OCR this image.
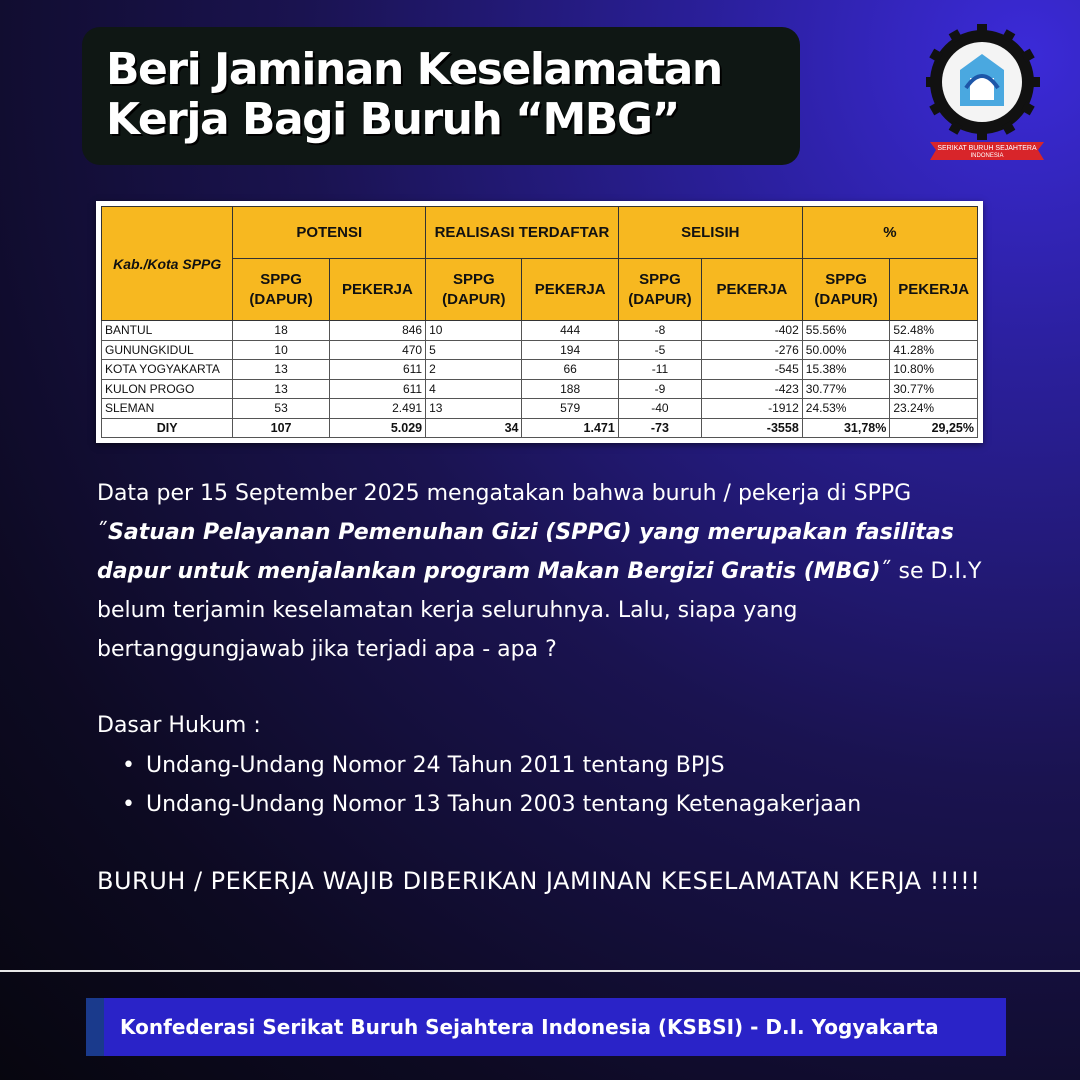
Beri Jaminan Keselamatan
Kerja Bagi Buruh “MBG”
SERIKAT BURUH SEJAHTERA
INDONESIA
Kab./Kota SPPG	POTENSI		REALISASI TERDAFTAR		SELISIH		%	
	SPPG (DAPUR)	PEKERJA	SPPG (DAPUR)	PEKERJA	SPPG (DAPUR)	PEKERJA	SPPG (DAPUR)	PEKERJA
BANTUL	18	846	10	444	-8	-402	55.56%	52.48%
GUNUNGKIDUL	10	470	5	194	-5	-276	50.00%	41.28%
KOTA YOGYAKARTA	13	611	2	66	-11	-545	15.38%	10.80%
KULON PROGO	13	611	4	188	-9	-423	30.77%	30.77%
SLEMAN	53	2.491	13	579	-40	-1912	24.53%	23.24%
DIY	107	5.029	34	1.471	-73	-3558	31,78%	29,25%

Data per 15 September 2025 mengatakan bahwa buruh / pekerja di SPPG ˝Satuan Pelayanan Pemenuhan Gizi (SPPG) yang merupakan fasilitas dapur untuk menjalankan program Makan Bergizi Gratis (MBG)˝ se D.I.Y belum terjamin keselamatan kerja seluruhnya. Lalu, siapa yang bertanggungjawab jika terjadi apa - apa ?

Dasar Hukum :
• Undang-Undang Nomor 24 Tahun 2011 tentang BPJS
• Undang-Undang Nomor 13 Tahun 2003 tentang Ketenagakerjaan
BURUH / PEKERJA WAJIB DIBERIKAN JAMINAN KESELAMATAN KERJA !!!!!
Konfederasi Serikat Buruh Sejahtera Indonesia (KSBSI) - D.I. Yogyakarta
